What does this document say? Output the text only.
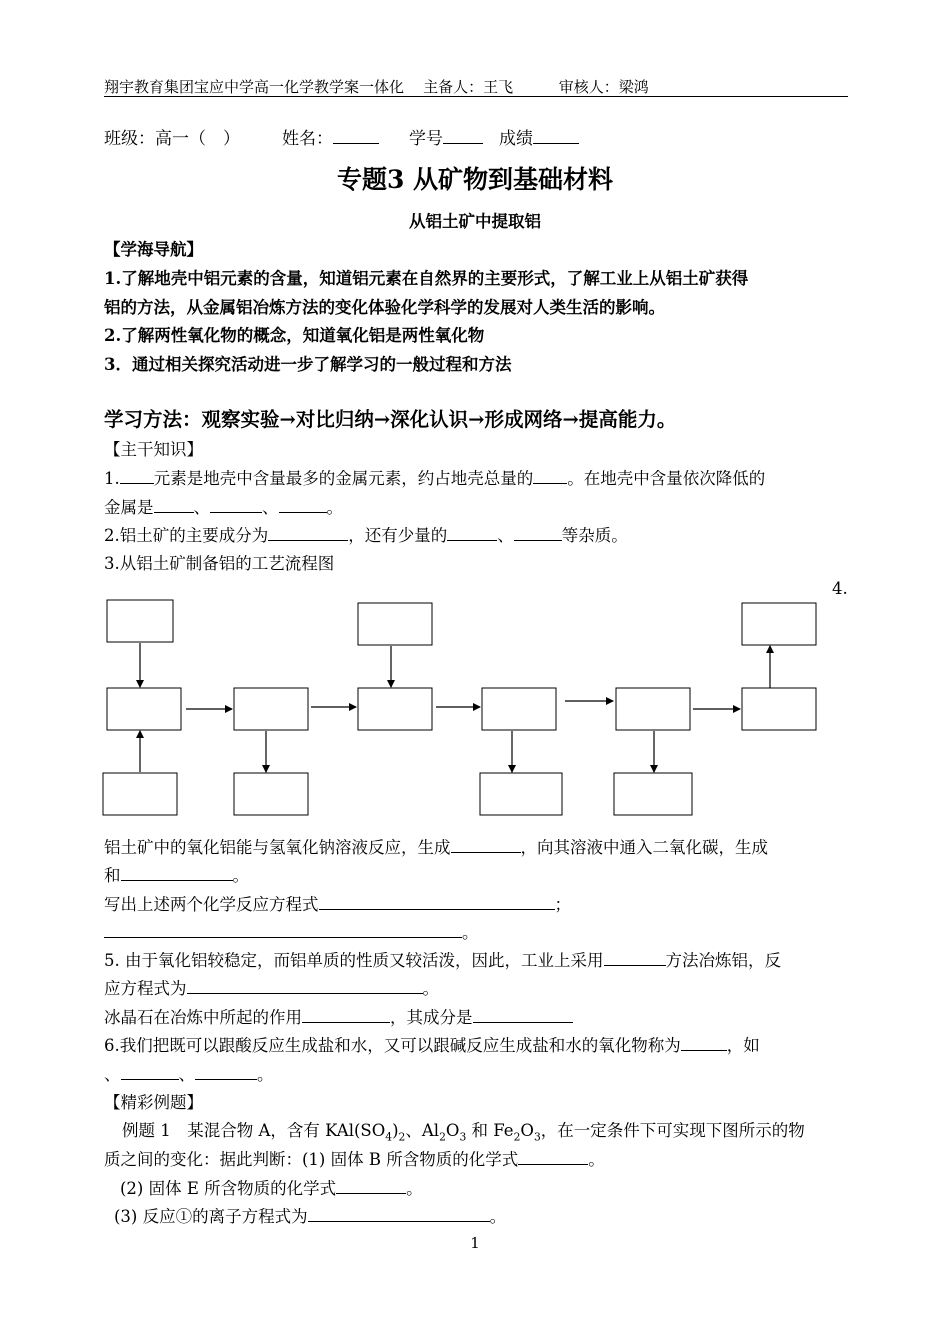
翔宇教育集团宝应中学高一化学教学案一体化 主备人：王飞	审核人：梁鸿
班级：高一（　） 姓名：	学号	成绩
专题3 从矿物到基础材料
从铝土矿中提取铝
【学海导航】
1.了解地壳中铝元素的含量，知道铝元素在自然界的主要形式，了解工业上从铝土矿获得
铝的方法，从金属铝冶炼方法的变化体验化学科学的发展对人类生活的影响。
2.了解两性氧化物的概念，知道氧化铝是两性氧化物
3．通过相关探究活动进一步了解学习的一般过程和方法
学习方法：观察实验→对比归纳→深化认识→形成网络→提高能力。
【主干知识】
1. 元素是地壳中含量最多的金属元素，约占地壳总量的 。在地壳中含量依次降低的
金属是 、	、	。
2.铝土矿的主要成分为	，还有少量的	、	等杂质。
3.从铝土矿制备铝的工艺流程图
4.
铝土矿中的氧化铝能与氢氧化钠溶液反应，生成	，向其溶液中通入二氧化碳，生成
和	。
写出上述两个化学反应方程式	；
。
5. 由于氧化铝较稳定，而铝单质的性质又较活泼，因此，工业上采用	方法冶炼铝，反
应方程式为	。
冰晶石在冶炼中所起的作用	，其成分是
6.我们把既可以跟酸反应生成盐和水，又可以跟碱反应生成盐和水的氧化物称为	，如
、	、	。
【精彩例题】
例题 1　某混合物 A，含有 $KAl(SO_4)_2$、$Al_2O_3$ 和 $Fe_2O_3$，在一定条件下可实现下图所示的物
质之间的变化：据此判断：(1) 固体 B 所含物质的化学式	。
(2) 固体 E 所含物质的化学式	。
(3) 反应①的离子方程式为	。
1
